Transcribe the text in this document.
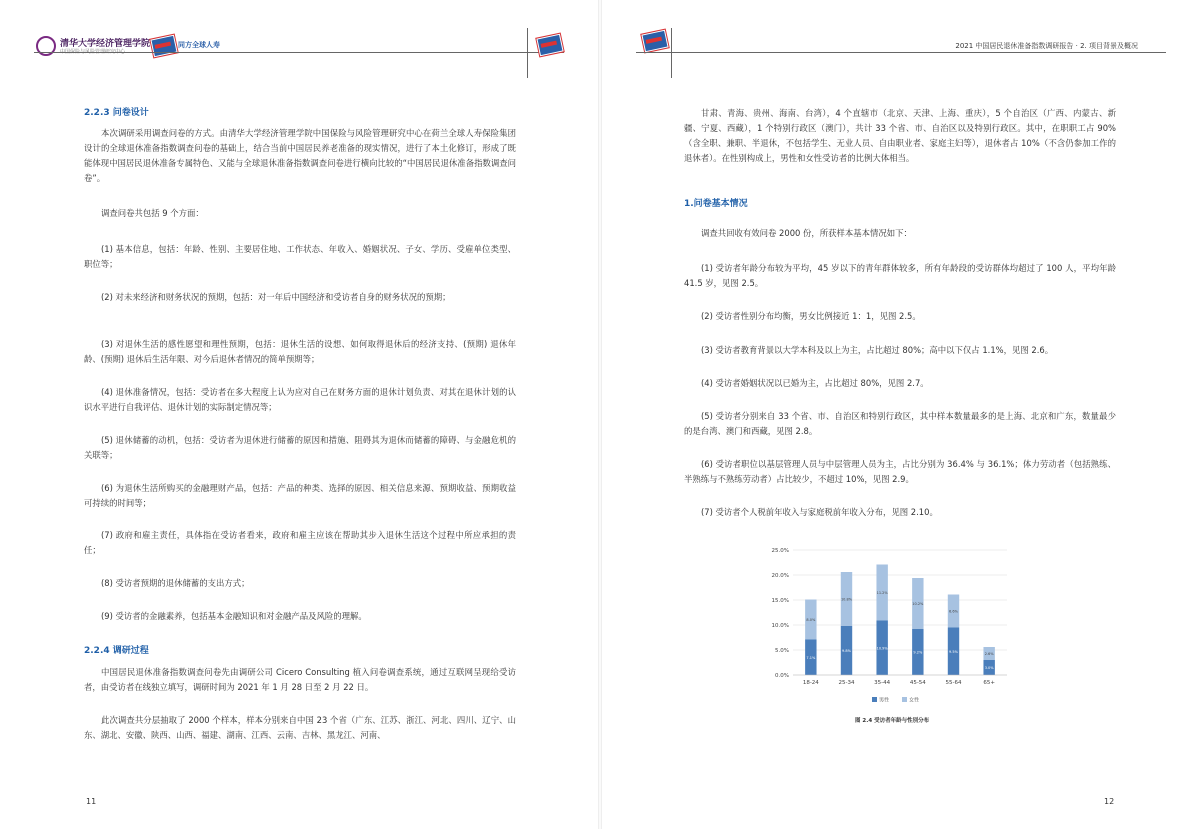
清华大学经济管理学院	同方全球人寿	2021 中国居民退休准备指数调研报告 · 2. 项目背景及概况
2.2.3 问卷设计

本次调研采用调查问卷的方式。由清华大学经济管理学院中国保险与风险管理研究中心在荷兰全球人寿保险集团设计的全球退休准备指数调查问卷的基础上，结合当前中国居民养老准备的现实情况，进行了本土化修订，形成了既能体现中国居民退休准备专属特色、又能与全球退休准备指数调查问卷进行横向比较的“中国居民退休准备指数调查问卷”。

调查问卷共包括 9 个方面：

(1) 基本信息，包括：年龄、性别、主要居住地、工作状态、年收入、婚姻状况、子女、学历、受雇单位类型、职位等；

(2) 对未来经济和财务状况的预期，包括：对一年后中国经济和受访者自身的财务状况的预期；

(3) 对退休生活的感性愿望和理性预期，包括：退休生活的设想、如何取得退休后的经济支持、(预期) 退休年龄、(预期) 退休后生活年限、对今后退休者情况的简单预期等；

(4) 退休准备情况，包括：受访者在多大程度上认为应对自己在财务方面的退休计划负责、对其在退休计划的认识水平进行自我评估、退休计划的实际制定情况等；

(5) 退休储蓄的动机，包括：受访者为退休进行储蓄的原因和措施、阻碍其为退休而储蓄的障碍、与金融危机的关联等；

(6) 为退休生活所购买的金融理财产品，包括：产品的种类、选择的原因、相关信息来源、预期收益、预期收益可持续的时间等；

(7) 政府和雇主责任，具体指在受访者看来，政府和雇主应该在帮助其步入退休生活这个过程中所应承担的责任；

(8) 受访者预期的退休储蓄的支出方式；

(9) 受访者的金融素养，包括基本金融知识和对金融产品及风险的理解。

2.2.4 调研过程

中国居民退休准备指数调查问卷先由调研公司 Cicero Consulting 植入问卷调查系统，通过互联网呈现给受访者，由受访者在线独立填写，调研时间为 2021 年 1 月 28 日至 2 月 22 日。

此次调查共分层抽取了 2000 个样本，样本分别来自中国 23 个省（广东、江苏、浙江、河北、四川、辽宁、山东、湖北、安徽、陕西、山西、福建、湖南、江西、云南、吉林、黑龙江、河南、

11

甘肃、青海、贵州、海南、台湾），4 个直辖市（北京、天津、上海、重庆），5 个自治区（广西、内蒙古、新疆、宁夏、西藏），1 个特别行政区（澳门），共计 33 个省、市、自治区以及特别行政区。其中，在职职工占 90%（含全职、兼职、半退休，不包括学生、无业人员、自由职业者、家庭主妇等），退休者占 10%（不含仍参加工作的退休者）。在性别构成上，男性和女性受访者的比例大体相当。

1.问卷基本情况

调查共回收有效问卷 2000 份，所获样本基本情况如下：

(1) 受访者年龄分布较为平均，45 岁以下的青年群体较多，所有年龄段的受访群体均超过了 100 人，平均年龄 41.5 岁，见图 2.5。

(2) 受访者性别分布均衡，男女比例接近 1：1，见图 2.5。

(3) 受访者教育背景以大学本科及以上为主，占比超过 80%；高中以下仅占 1.1%，见图 2.6。

(4) 受访者婚姻状况以已婚为主，占比超过 80%，见图 2.7。

(5) 受访者分别来自 33 个省、市、自治区和特别行政区，其中样本数量最多的是上海、北京和广东，数量最少的是台湾、澳门和西藏，见图 2.8。

(6) 受访者职位以基层管理人员与中层管理人员为主，占比分别为 36.4% 与 36.1%；体力劳动者（包括熟练、半熟练与不熟练劳动者）占比较少，不超过 10%，见图 2.9。

(7) 受访者个人税前年收入与家庭税前年收入分布，见图 2.10。

0.0%
5.0%
10.0%
15.0%
20.0%
25.0%
7.1%
8.0%
18-24
9.8%
10.8%
25-34
10.9%
11.2%
35-44
9.2%
10.2%
45-54
9.5%
6.6%
55-64
3.0%
2.6%
65+
男性	女性
图 2.4 受访者年龄与性别分布
12
